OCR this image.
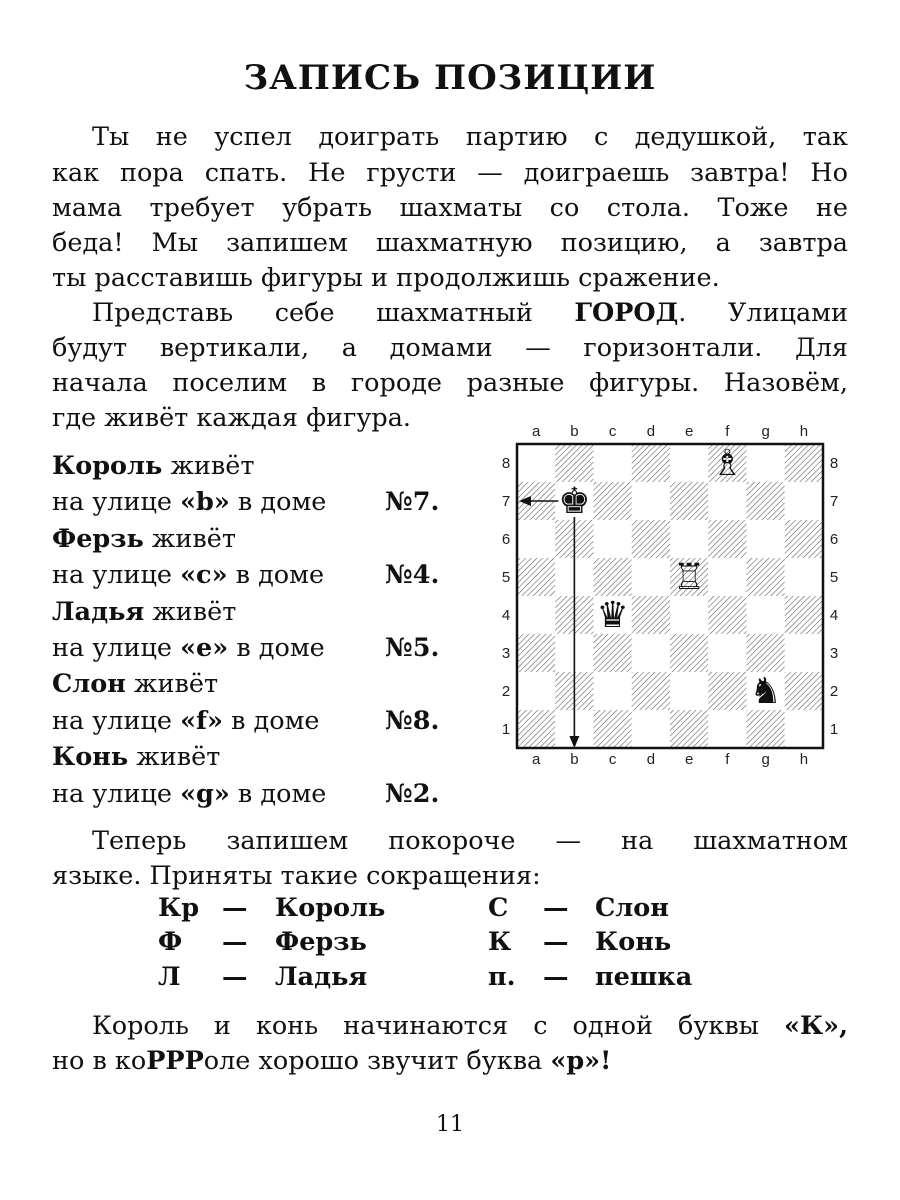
ЗАПИСЬ ПОЗИЦИИ
Ты не успел доиграть партию с дедушкой, так
как пора спать. Не грусти — доиграешь завтра! Но
мама требует убрать шахматы со стола. Тоже не
беда! Мы запишем шахматную позицию, а завтра
ты расставишь фигуры и продолжишь сражение.
Представь себе шахматный ГОРОД. Улицами
будут вертикали, а домами — горизонтали. Для
начала поселим в городе разные фигуры. Назовём,
где живёт каждая фигура.
Король живёт
на улице «b» в доме №7.
Ферзь живёт
на улице «c» в доме №4.
Ладья живёт
на улице «e» в доме №5.
Слон живёт
на улице «f» в доме	№8.
Конь живёт
на улице «g» в доме №2.
♚
♛
♖
♗
♞
a
a
b
b
c
c
d
d
e
e
f
f
g
g
h
h
8	8
7	7
6	6
5	5
4	4
3	3
2	2
1	1
Теперь запишем покороче — на шахматном
языке. Приняты такие сокращения:
Кр — Король
Ф — Ферзь
Л — Ладья
С — Слон
К — Конь
п. — пешка
Король и конь начинаются с одной буквы «К»,
но в коРРРоле хорошо звучит буква «р»!
11
